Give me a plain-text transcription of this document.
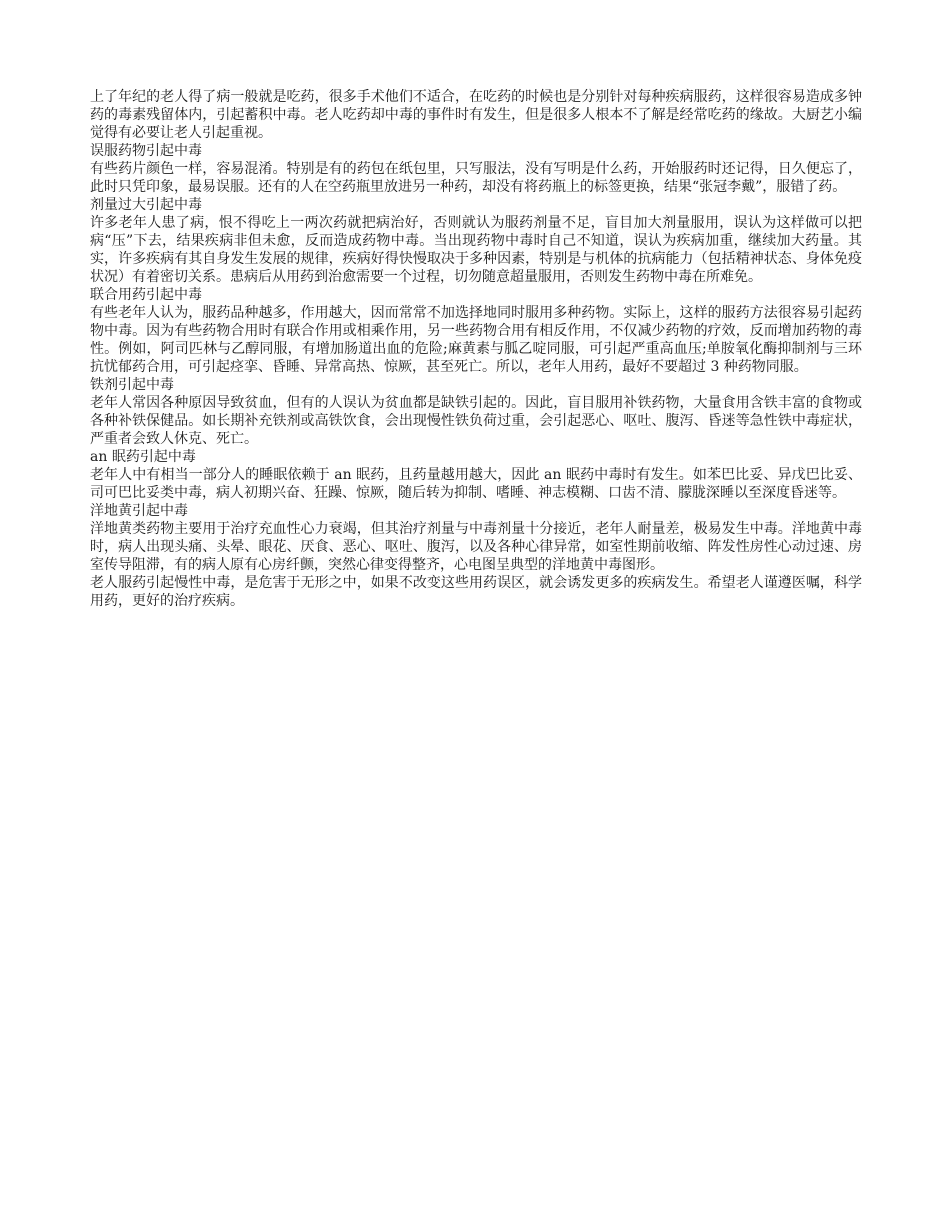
上了年纪的老人得了病一般就是吃药，很多手术他们不适合，在吃药的时候也是分别针对每种疾病服药，这样很容易造成多钟药的毒素残留体内，引起蓄积中毒。老人吃药却中毒的事件时有发生，但是很多人根本不了解是经常吃药的缘故。大厨艺小编觉得有必要让老人引起重视。

误服药物引起中毒

有些药片颜色一样，容易混淆。特别是有的药包在纸包里，只写服法，没有写明是什么药，开始服药时还记得，日久便忘了，此时只凭印象，最易误服。还有的人在空药瓶里放进另一种药，却没有将药瓶上的标签更换，结果“张冠李戴”，服错了药。

剂量过大引起中毒

许多老年人患了病，恨不得吃上一两次药就把病治好，否则就认为服药剂量不足，盲目加大剂量服用，误认为这样做可以把病“压”下去，结果疾病非但未愈，反而造成药物中毒。当出现药物中毒时自己不知道，误认为疾病加重，继续加大药量。其实，许多疾病有其自身发生发展的规律，疾病好得快慢取决于多种因素，特别是与机体的抗病能力（包括精神状态、身体免疫状况）有着密切关系。患病后从用药到治愈需要一个过程，切勿随意超量服用，否则发生药物中毒在所难免。

联合用药引起中毒

有些老年人认为，服药品种越多，作用越大，因而常常不加选择地同时服用多种药物。实际上，这样的服药方法很容易引起药物中毒。因为有些药物合用时有联合作用或相乘作用，另一些药物合用有相反作用，不仅减少药物的疗效，反而增加药物的毒性。例如，阿司匹林与乙醇同服，有增加肠道出血的危险;麻黄素与胍乙啶同服，可引起严重高血压;单胺氧化酶抑制剂与三环抗忧郁药合用，可引起痉挛、昏睡、异常高热、惊厥，甚至死亡。所以，老年人用药，最好不要超过 3 种药物同服。

铁剂引起中毒

老年人常因各种原因导致贫血，但有的人误认为贫血都是缺铁引起的。因此，盲目服用补铁药物，大量食用含铁丰富的食物或各种补铁保健品。如长期补充铁剂或高铁饮食，会出现慢性铁负荷过重，会引起恶心、呕吐、腹泻、昏迷等急性铁中毒症状，严重者会致人休克、死亡。

an 眠药引起中毒

老年人中有相当一部分人的睡眠依赖于 an 眠药，且药量越用越大，因此 an 眠药中毒时有发生。如苯巴比妥、异戊巴比妥、司可巴比妥类中毒，病人初期兴奋、狂躁、惊厥，随后转为抑制、嗜睡、神志模糊、口齿不清、朦胧深睡以至深度昏迷等。

洋地黄引起中毒

洋地黄类药物主要用于治疗充血性心力衰竭，但其治疗剂量与中毒剂量十分接近，老年人耐量差，极易发生中毒。洋地黄中毒时，病人出现头痛、头晕、眼花、厌食、恶心、呕吐、腹泻，以及各种心律异常，如室性期前收缩、阵发性房性心动过速、房室传导阻滞，有的病人原有心房纤颤，突然心律变得整齐，心电图呈典型的洋地黄中毒图形。

老人服药引起慢性中毒，是危害于无形之中，如果不改变这些用药误区，就会诱发更多的疾病发生。希望老人谨遵医嘱，科学用药，更好的治疗疾病。
